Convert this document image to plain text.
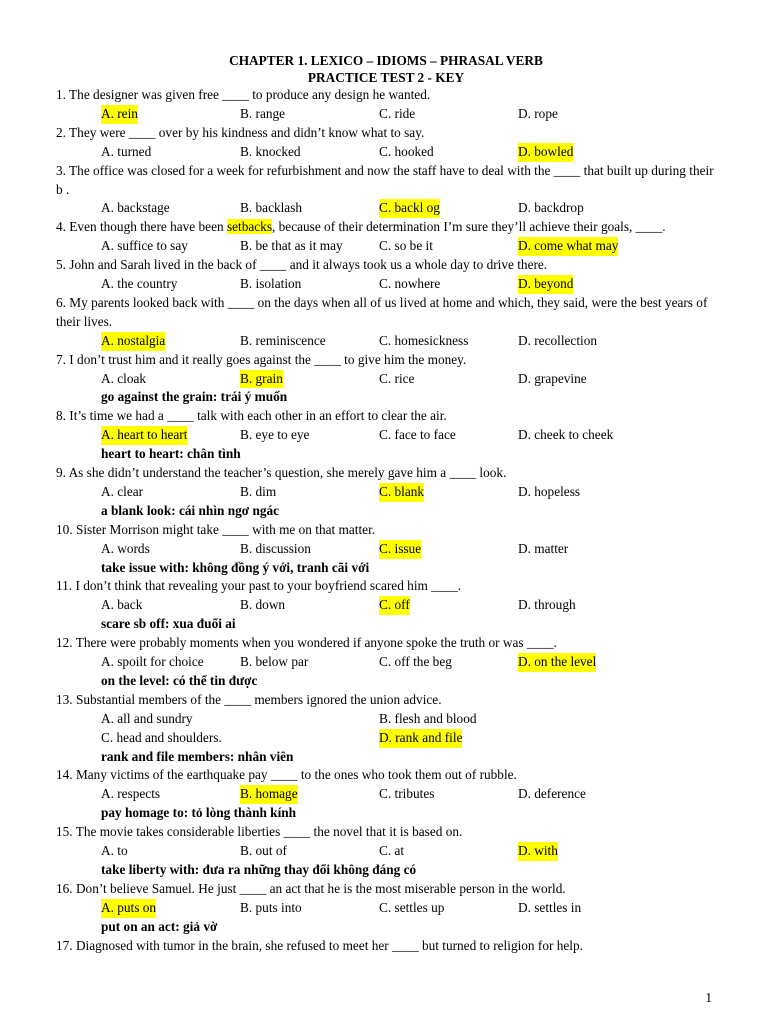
CHAPTER 1. LEXICO – IDIOMS – PHRASAL VERB
PRACTICE TEST 2 - KEY
1. The designer was given free ____ to produce any design he wanted.
A. rein	B. range	C. ride	D. rope
2. They were ____ over by his kindness and didn’t know what to say.
A. turned	B. knocked	C. hooked	D. bowled
3. The office was closed for a week for refurbishment and now the staff have to deal with the ____ that built up during their b .
A. backstage	B. backlash	C. backl og	D. backdrop
4. Even though there have been setbacks, because of their determination I’m sure they’ll achieve their goals, ____.
A. suffice to say	B. be that as it may	C. so be it	D. come what may
5. John and Sarah lived in the back of ____ and it always took us a whole day to drive there.
A. the country	B. isolation	C. nowhere	D. beyond
6. My parents looked back with ____ on the days when all of us lived at home and which, they said, were the best years of their lives.
A. nostalgia	B. reminiscence	C. homesickness	D. recollection
7. I don’t trust him and it really goes against the ____ to give him the money.
A. cloak	B. grain	C. rice	D. grapevine
go against the grain: trái ý muốn
8. It’s time we had a ____ talk with each other in an effort to clear the air.
A. heart to heart	B. eye to eye	C. face to face	D. cheek to cheek
heart to heart: chân tình
9. As she didn’t understand the teacher’s question, she merely gave him a ____ look.
A. clear	B. dim	C. blank	D. hopeless
a blank look: cái nhìn ngơ ngác
10. Sister Morrison might take ____ with me on that matter.
A. words	B. discussion	C. issue	D. matter
take issue with: không đồng ý với, tranh cãi với
11. I don’t think that revealing your past to your boyfriend scared him ____.
A. back	B. down	C. off	D. through
scare sb off: xua đuổi ai
12. There were probably moments when you wondered if anyone spoke the truth or was ____.
A. spoilt for choice	B. below par	C. off the beg	D. on the level
on the level: có thể tin được
13. Substantial members of the ____ members ignored the union advice.
A. all and sundry	B. flesh and blood
C. head and shoulders.	D. rank and file
rank and file members: nhân viên
14. Many victims of the earthquake pay ____ to the ones who took them out of rubble.
A. respects	B. homage	C. tributes	D. deference
pay homage to: tỏ lòng thành kính
15. The movie takes considerable liberties ____ the novel that it is based on.
A. to	B. out of	C. at	D. with
take liberty with: đưa ra những thay đổi không đáng có
16. Don’t believe Samuel. He just ____ an act that he is the most miserable person in the world.
A. puts on	B. puts into	C. settles up	D. settles in
put on an act: giả vờ
17. Diagnosed with tumor in the brain, she refused to meet her ____ but turned to religion for help.
1
